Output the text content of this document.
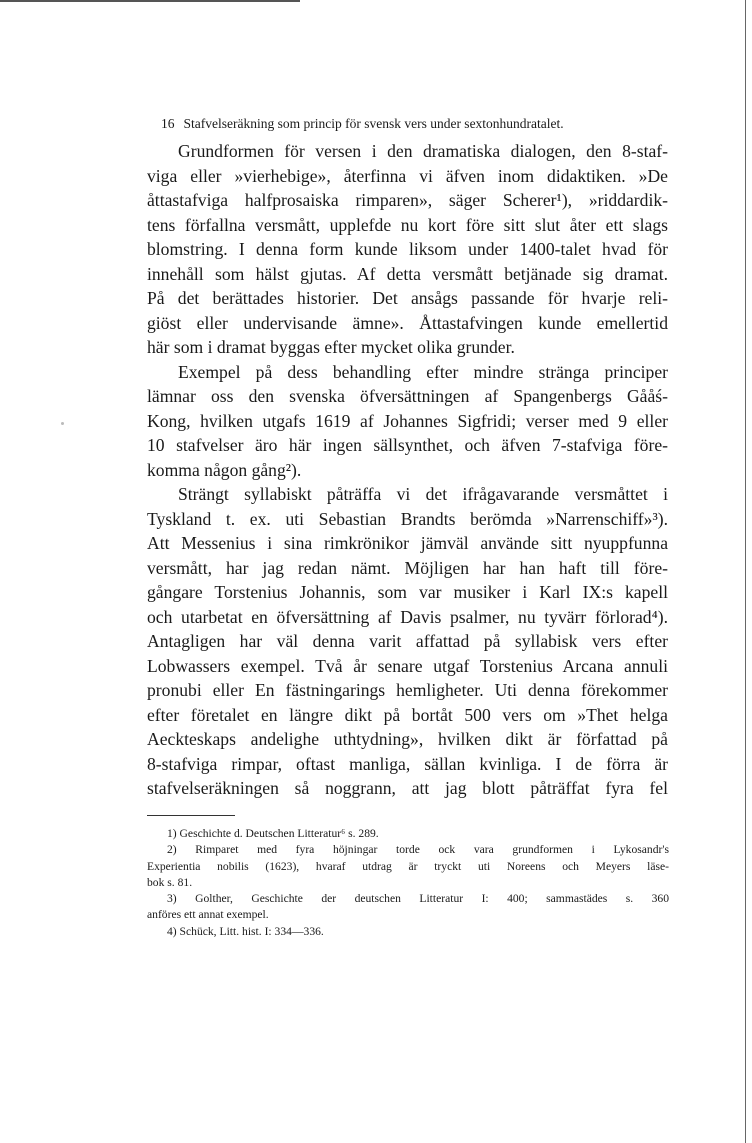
16 Stafvelseräkning som princip för svensk vers under sextonhundratalet.
Grundformen för versen i den dramatiska dialogen, den 8-staf-
viga eller »vierhebige», återfinna vi äfven inom didaktiken. »De
åttastafviga halfprosaiska rimparen», säger Scherer¹), »riddardik-
tens förfallna versmått, upplefde nu kort före sitt slut åter ett slags
blomstring. I denna form kunde liksom under 1400-talet hvad för
innehåll som hälst gjutas. Af detta versmått betjänade sig dramat.
På det berättades historier. Det ansågs passande för hvarje reli-
giöst eller undervisande ämne». Åttastafvingen kunde emellertid
här som i dramat byggas efter mycket olika grunder.
Exempel på dess behandling efter mindre stränga principer
lämnar oss den svenska öfversättningen af Spangenbergs Gååś-
Kong, hvilken utgafs 1619 af Johannes Sigfridi; verser med 9 eller
10 stafvelser äro här ingen sällsynthet, och äfven 7-stafviga före-
komma någon gång²).
Strängt syllabiskt påträffa vi det ifrågavarande versmåttet i
Tyskland t. ex. uti Sebastian Brandts berömda »Narrenschiff»³).
Att Messenius i sina rimkrönikor jämväl använde sitt nyuppfunna
versmått, har jag redan nämt. Möjligen har han haft till före-
gångare Torstenius Johannis, som var musiker i Karl IX:s kapell
och utarbetat en öfversättning af Davis psalmer, nu tyvärr förlorad⁴).
Antagligen har väl denna varit affattad på syllabisk vers efter
Lobwassers exempel. Två år senare utgaf Torstenius Arcana annuli
pronubi eller En fästningarings hemligheter. Uti denna förekommer
efter företalet en längre dikt på bortåt 500 vers om »Thet helga
Aeckteskaps andelighe uthtydning», hvilken dikt är författad på
8-stafviga rimpar, oftast manliga, sällan kvinliga. I de förra är
stafvelseräkningen så noggrann, att jag blott påträffat fyra fel
1) Geschichte d. Deutschen Litteratur⁶ s. 289.
2) Rimparet med fyra höjningar torde ock vara grundformen i Lykosandr's
Experientia nobilis (1623), hvaraf utdrag är tryckt uti Noreens och Meyers läse-
bok s. 81.
3) Golther, Geschichte der deutschen Litteratur I: 400; sammastädes s. 360
anföres ett annat exempel.
4) Schück, Litt. hist. I: 334—336.
